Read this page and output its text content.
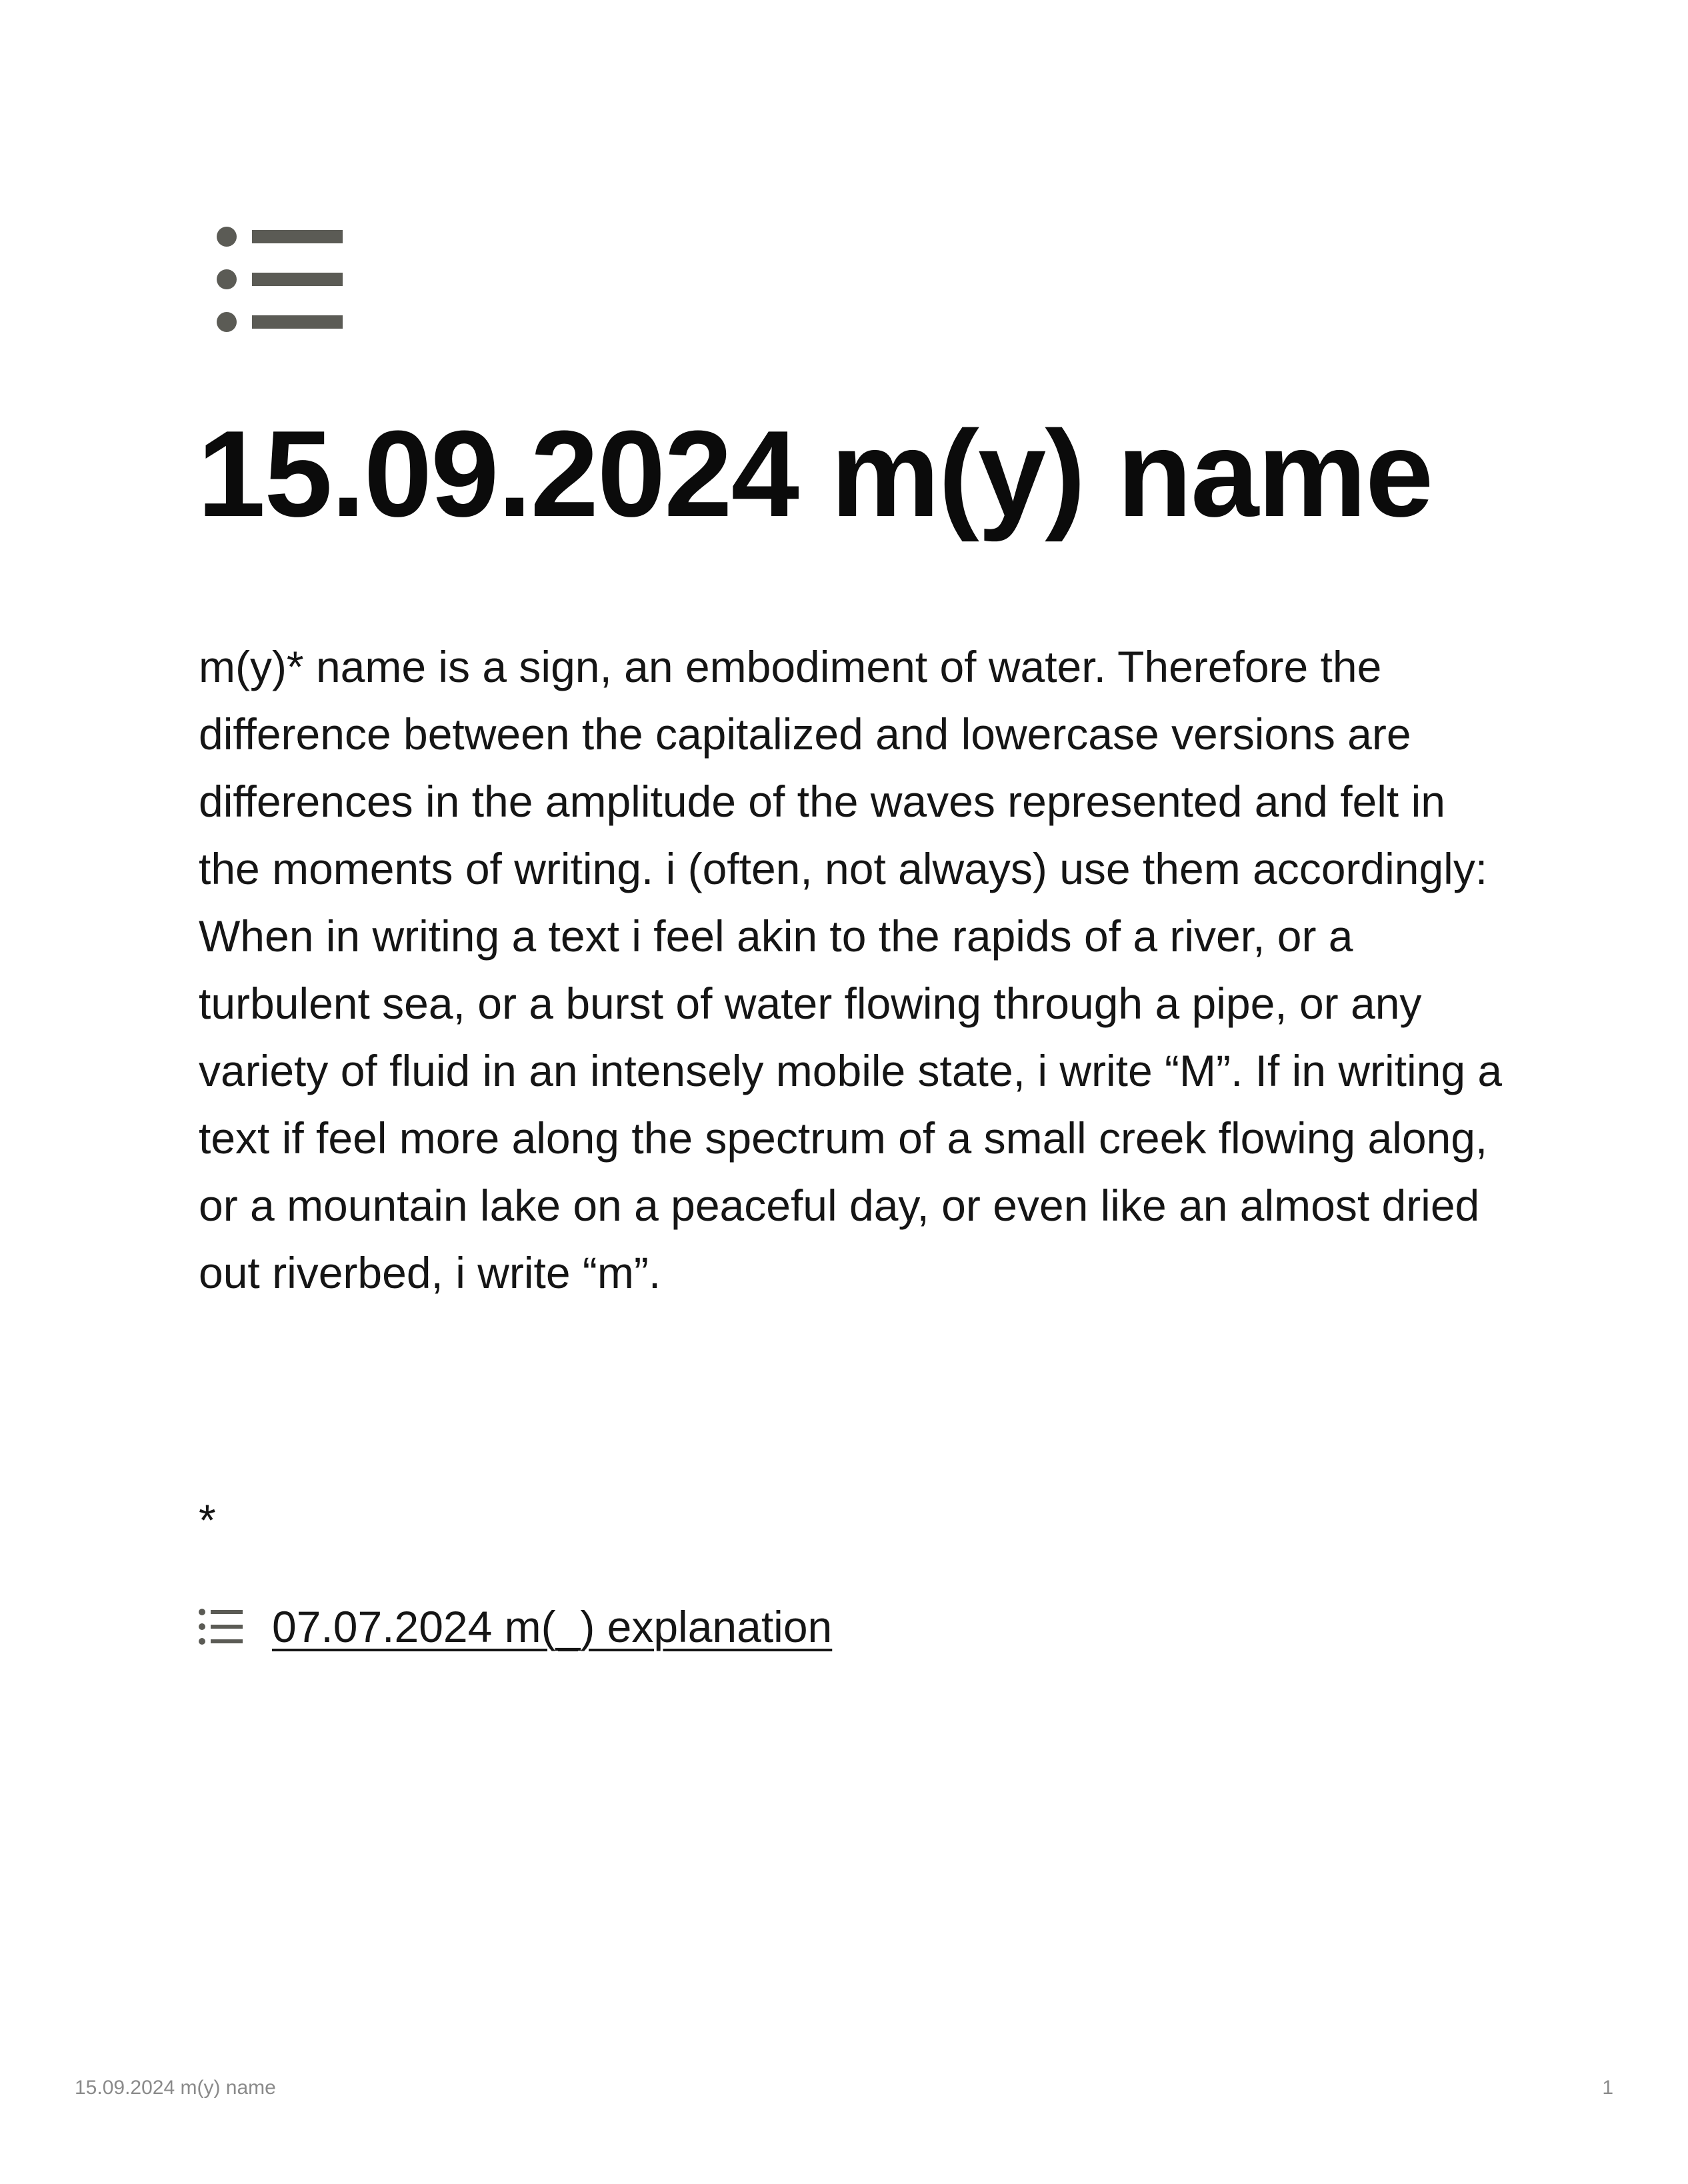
15.09.2024 m(y) name

m(y)* name is a sign, an embodiment of water. Therefore the difference between the capitalized and lowercase versions are differences in the amplitude of the waves represented and felt in the moments of writing. i (often, not always) use them accordingly: When in writing a text i feel akin to the rapids of a river, or a turbulent sea, or a burst of water flowing through a pipe, or any variety of fluid in an intensely mobile state, i write “M”. If in writing a text if feel more along the spectrum of a small creek flowing along, or a mountain lake on a peaceful day, or even like an almost dried out riverbed, i write “m”.

*

07.07.2024 m(_) explanation
15.09.2024 m(y) name	1
